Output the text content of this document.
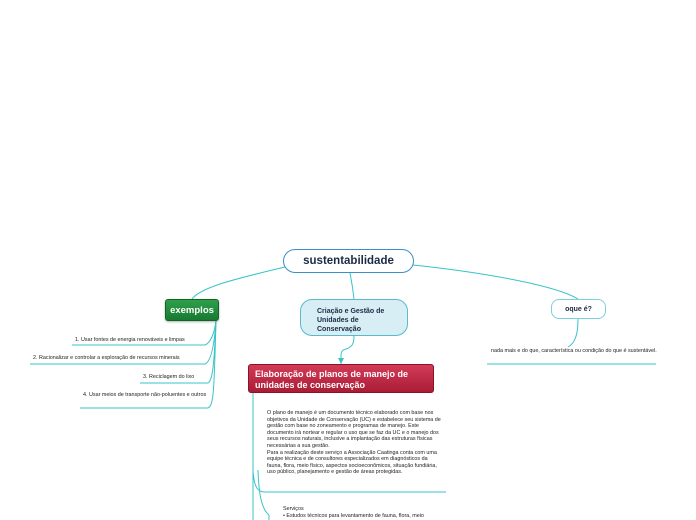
sustentabilidade
exemplos	Criação e Gestão de Unidades de Conservação
oque é?
Elaboração de planos de manejo de unidades de conservação
1. Usar fontes de energia renováveis e limpas
2. Racionalizar e controlar a exploração de recursos minerais
3. Reciclagem do lixo
4. Usar meios de transporte não-poluentes e outros
nada mais e do que, característica ou condição do que é sustentável.
O plano de manejo é um documento técnico elaborado com base nos objetivos da Unidade de Conservação (UC) e estabelece seu sistema de gestão com base no zoneamento e programas de manejo. Este documento irá nortear e regular o uso que se faz da UC e o manejo dos seus recursos naturais, inclusive a implantação das estruturas físicas necessárias a sua gestão.
Para a realização deste serviço a Associação Caatinga conta com uma equipe técnica e de consultores especializados em diagnósticos da fauna, flora, meio físico, aspectos socioeconômicos, situação fundiária, uso público, planejamento e gestão de áreas protegidas.
Serviços
• Estudos técnicos para levantamento de fauna, flora, meio
